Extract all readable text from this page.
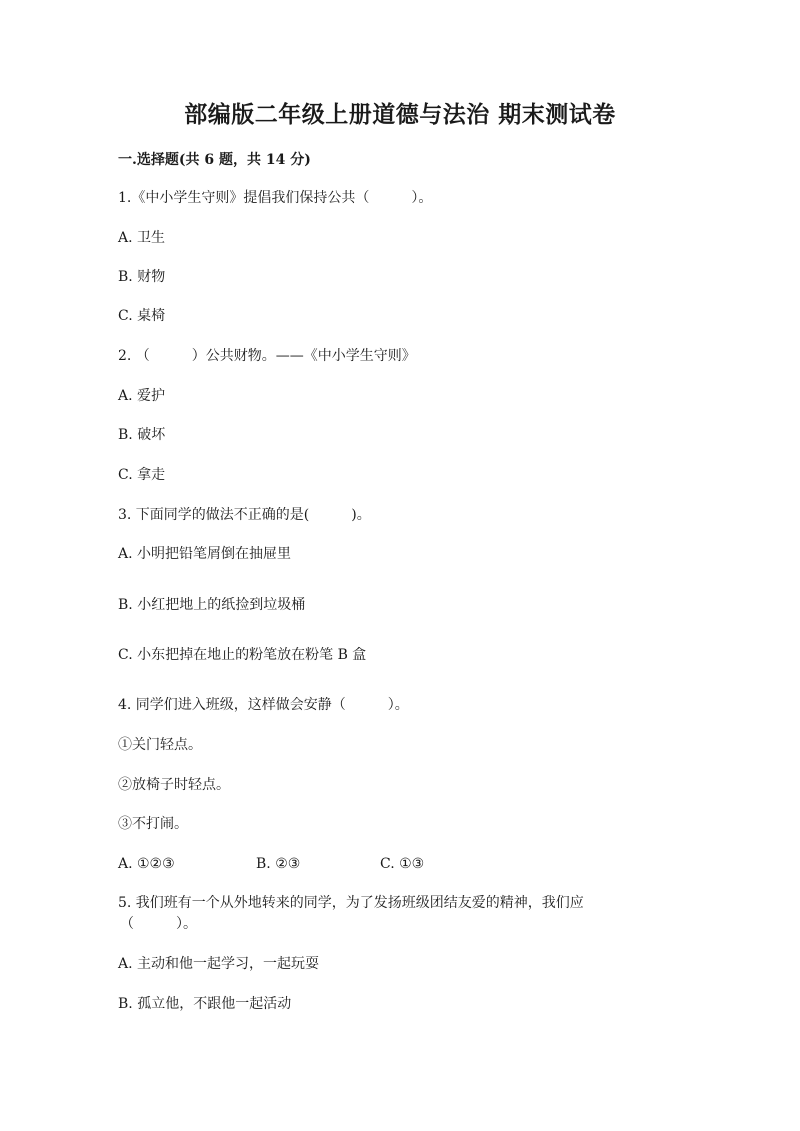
部编版二年级上册道德与法治 期末测试卷
一.选择题(共 6 题，共 14 分)
1.《中小学生守则》提倡我们保持公共（　　　）。
A. 卫生
B. 财物
C. 桌椅
2. （　　　）公共财物。——《中小学生守则》
A. 爱护
B. 破坏
C. 拿走
3. 下面同学的做法不正确的是(　　　)。
A. 小明把铅笔屑倒在抽屉里
B. 小红把地上的纸捡到垃圾桶
C. 小东把掉在地止的粉笔放在粉笔 B 盒
4. 同学们进入班级，这样做会安静（　　　）。
①关门轻点。
②放椅子时轻点。
③不打闹。
A. ①②③	B. ②③	C. ①③
5. 我们班有一个从外地转来的同学，为了发扬班级团结友爱的精神，我们应
（　　　）。
A. 主动和他一起学习，一起玩耍
B. 孤立他，不跟他一起活动
